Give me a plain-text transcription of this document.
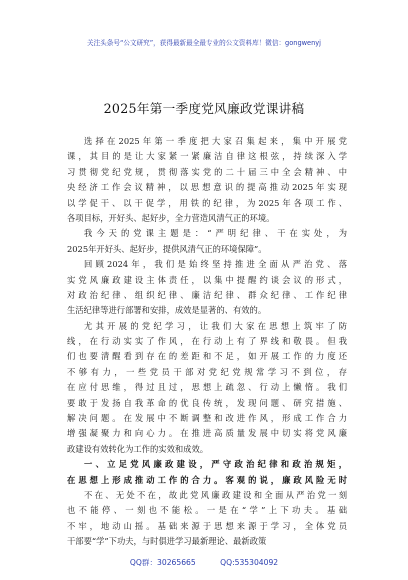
关注头条号“公文研究”，获得最新最全最专业的公文资料库！微信：gongwenyj
2025年第一季度党风廉政党课讲稿
选择在2025年第一季度把大家召集起来，集中开展党
课，其目的是让大家紧一紧廉洁自律这根弦，持续深入学
习贯彻党纪党规，贯彻落实党的二十届三中全会精神、中
央经济工作会议精神，以思想意识的提高推动2025年实现
以学促干、以干促学，用铁的纪律，为2025年各项工作、
各项目标，开好头、起好步，全力营造风清气正的环境。
我今天的党课主题是：“严明纪律、干在实处，为
2025年开好头、起好步，提供风清气正的环境保障”。
回顾2024年，我们是始终坚持推进全面从严治党、落
实党风廉政建设主体责任，以集中提醒约谈会议的形式，
对政治纪律、组织纪律、廉洁纪律、群众纪律、工作纪律
生活纪律等进行部署和安排，成效是显著的、有效的。
尤其开展的党纪学习，让我们大家在思想上筑牢了防
线，在行动实实了作风，在行动上有了界线和敬畏。但我
们也要清醒看到存在的差距和不足，如开展工作的力度还
不够有力，一些党员干部对党纪党规常学习不到位，存
在应付思维，得过且过，思想上疏忽、行动上懒惰。我们
要敢于发扬自我革命的优良传统，发现问题、研究措施、
解决问题。在发展中不断调整和改进作风，形成工作合力
增强凝聚力和向心力。在推进高质量发展中切实将党风廉
政建设有效转化为工作的实效和成效。
一、立足党风廉政建设，严守政治纪律和政治规矩，
在思想上形成推动工作的合力。客观的说，廉政风险无时
不在、无处不在，故此党风廉政建设和全面从严治党一刻
也不能停、一刻也不能松。一是在“学”上下功夫。基础
不牢，地动山摇。基础来源于思想来源于学习，全体党员
干部要“学”下功夫，与时俱进学习最新理论、最新政策
QQ群：30265665	QQ:535304092
